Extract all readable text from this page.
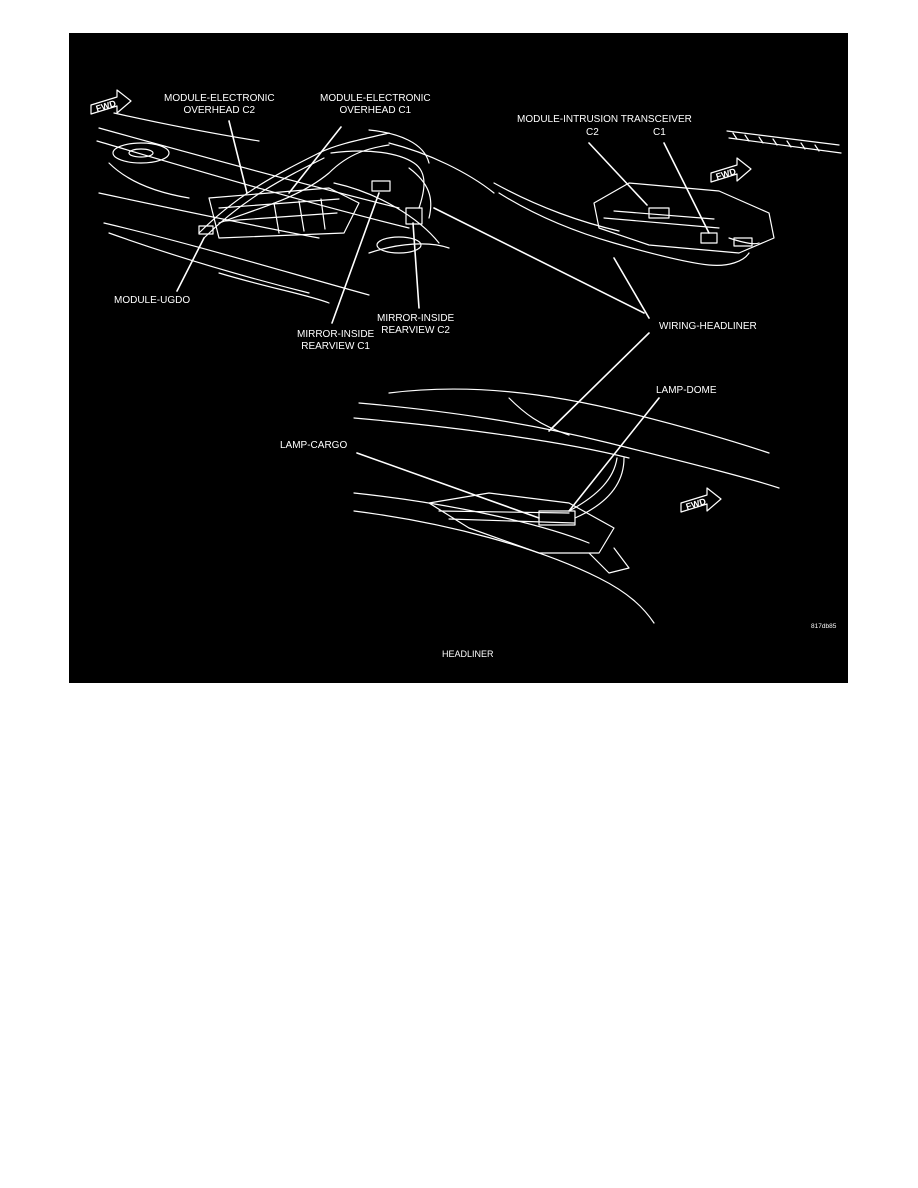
FWD
FWD
FWD
MODULE-ELECTRONIC
OVERHEAD C2
MODULE-ELECTRONIC
OVERHEAD C1
MODULE-INTRUSION TRANSCEIVER
C2	C1
MODULE-UGDO
MIRROR-INSIDE
REARVIEW C1
MIRROR-INSIDE
REARVIEW C2	WIRING-HEADLINER
LAMP-DOME
LAMP-CARGO
817db85
HEADLINER
